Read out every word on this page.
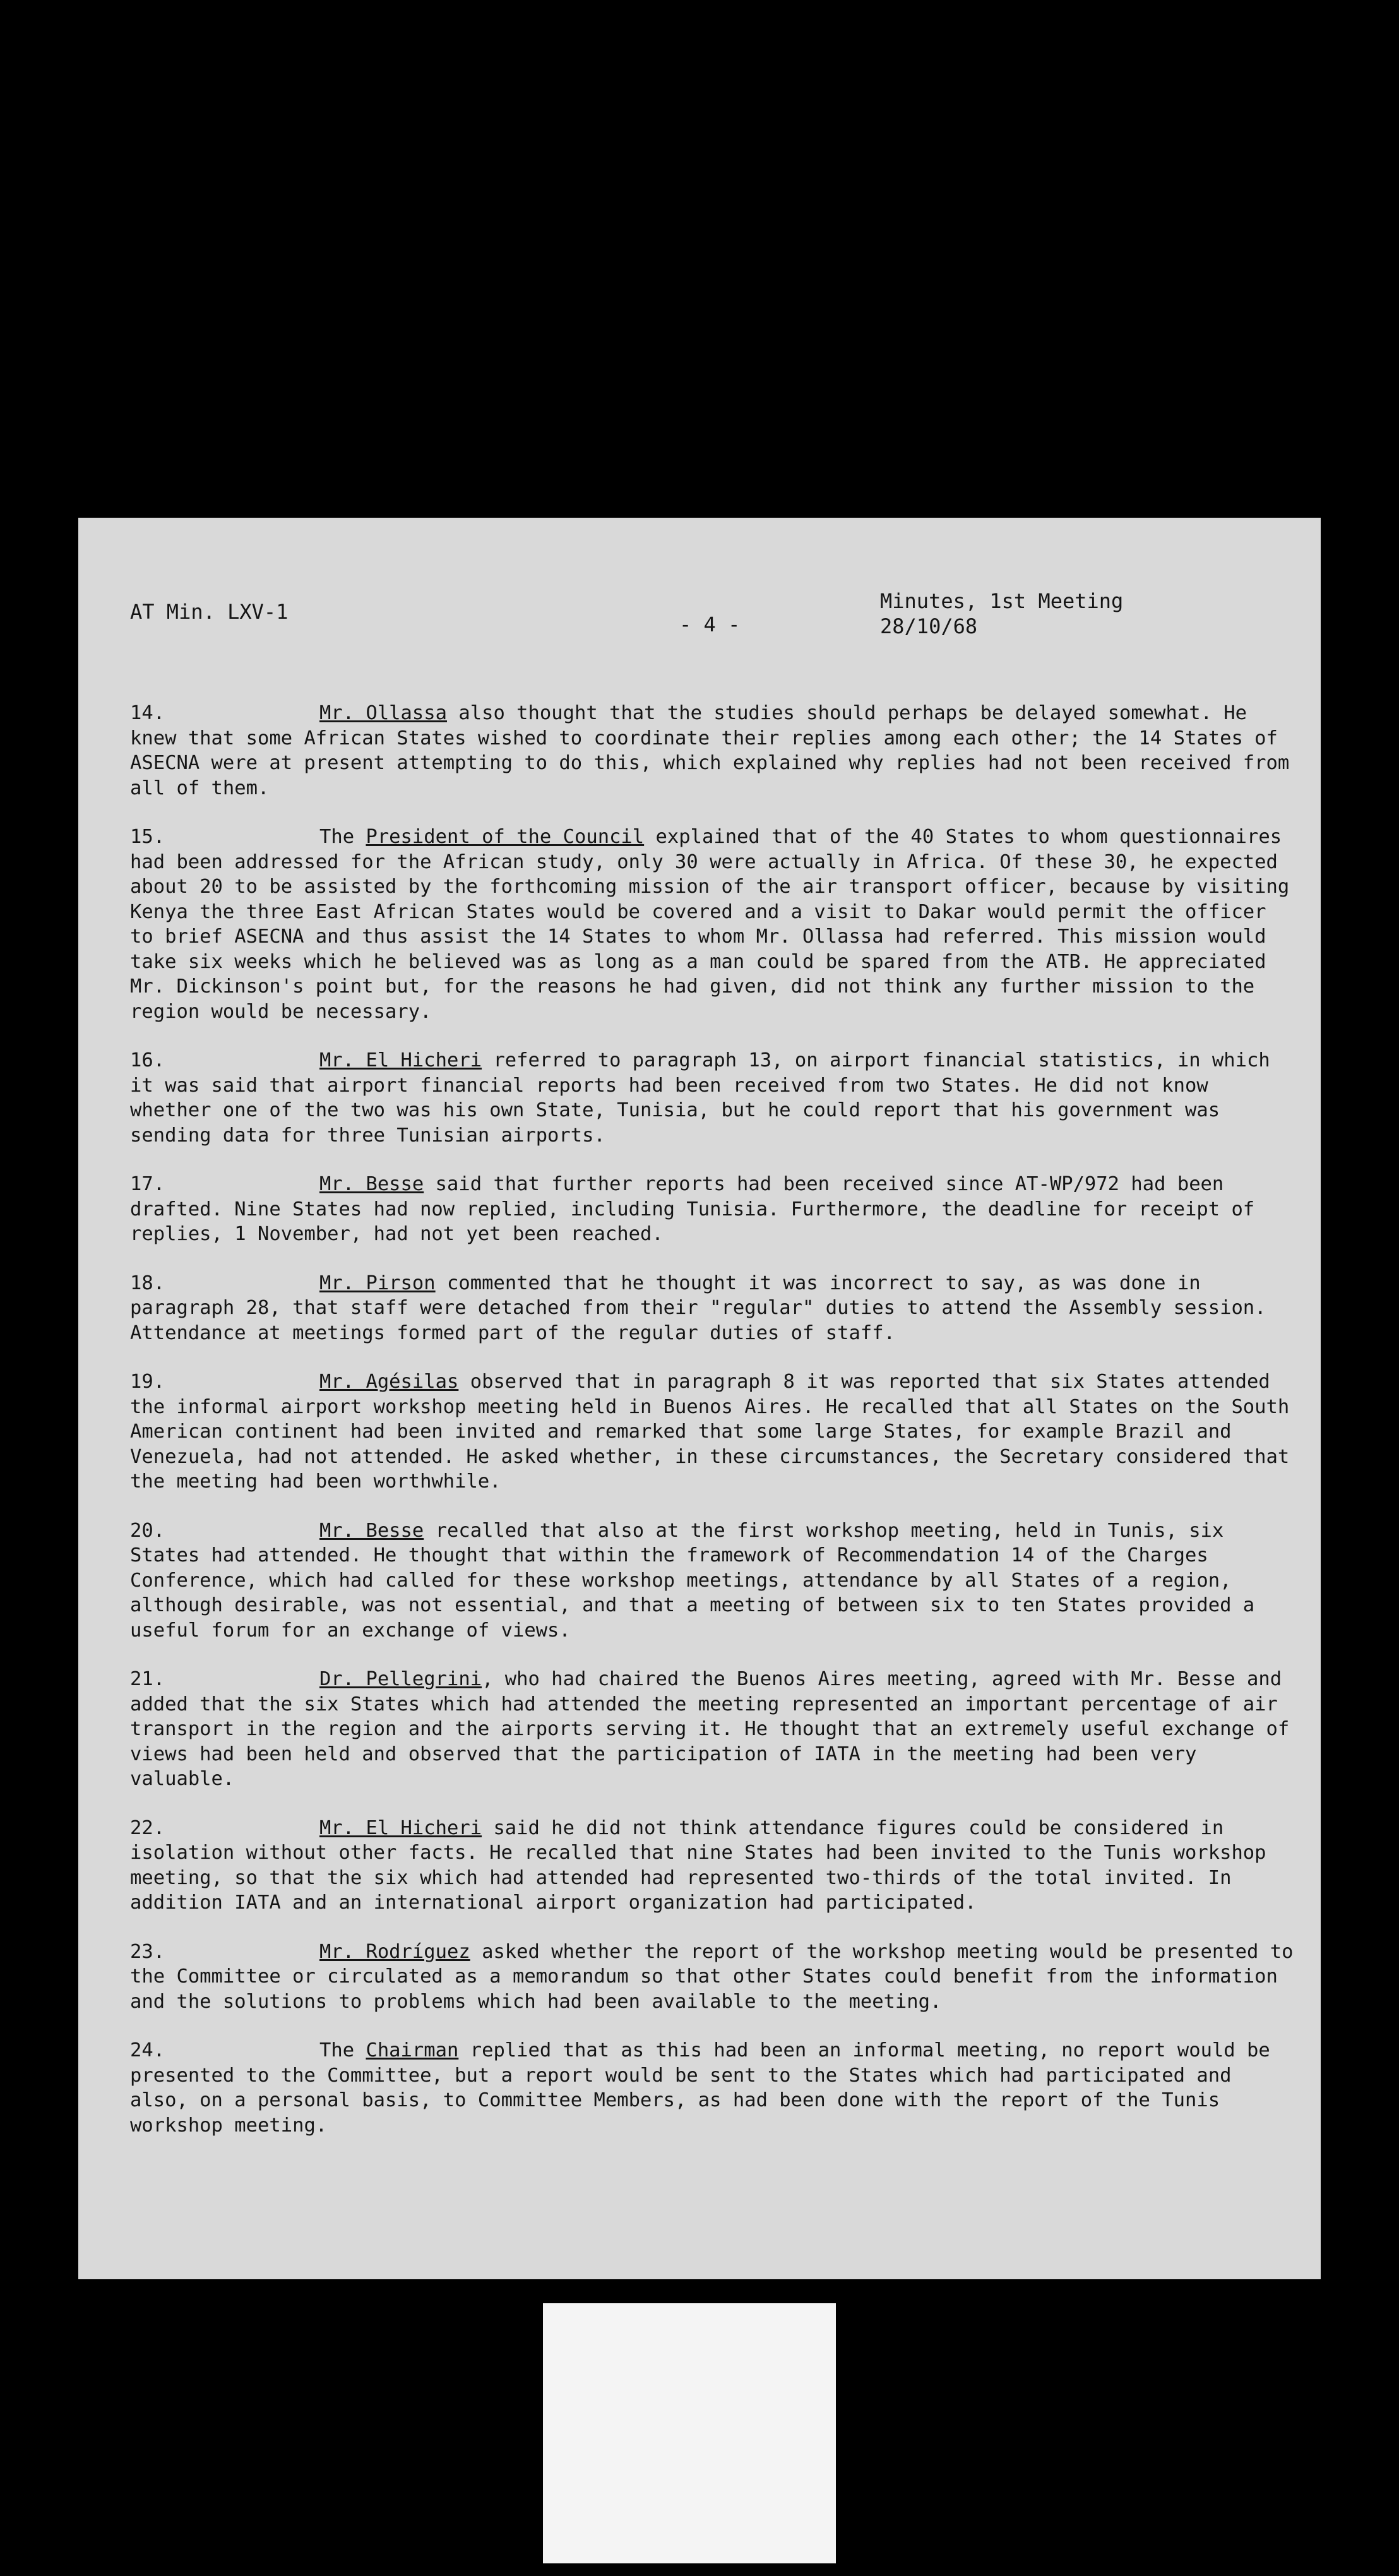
AT Min. LXV-1
- 4 -
Minutes, 1st Meeting
28/10/68

14.	Mr. Ollassa also thought that the studies should perhaps be delayed somewhat. He knew that some African States wished to coordinate their replies among each other; the 14 States of ASECNA were at present attempting to do this, which explained why replies had not been received from all of them.

15.	The President of the Council explained that of the 40 States to whom questionnaires had been addressed for the African study, only 30 were actually in Africa. Of these 30, he expected about 20 to be assisted by the forthcoming mission of the air transport officer, because by visiting Kenya the three East African States would be covered and a visit to Dakar would permit the officer to brief ASECNA and thus assist the 14 States to whom Mr. Ollassa had referred. This mission would take six weeks which he believed was as long as a man could be spared from the ATB. He appreciated Mr. Dickinson's point but, for the reasons he had given, did not think any further mission to the region would be necessary.

16.	Mr. El Hicheri referred to paragraph 13, on airport financial statistics, in which it was said that airport financial reports had been received from two States. He did not know whether one of the two was his own State, Tunisia, but he could report that his government was sending data for three Tunisian airports.

17.	Mr. Besse said that further reports had been received since AT-WP/972 had been drafted. Nine States had now replied, including Tunisia. Furthermore, the deadline for receipt of replies, 1 November, had not yet been reached.

18.	Mr. Pirson commented that he thought it was incorrect to say, as was done in paragraph 28, that staff were detached from their "regular" duties to attend the Assembly session. Attendance at meetings formed part of the regular duties of staff.

19.	Mr. Agésilas observed that in paragraph 8 it was reported that six States attended the informal airport workshop meeting held in Buenos Aires. He recalled that all States on the South American continent had been invited and remarked that some large States, for example Brazil and Venezuela, had not attended. He asked whether, in these circumstances, the Secretary considered that the meeting had been worthwhile.

20.	Mr. Besse recalled that also at the first workshop meeting, held in Tunis, six States had attended. He thought that within the framework of Recommendation 14 of the Charges Conference, which had called for these workshop meetings, attendance by all States of a region, although desirable, was not essential, and that a meeting of between six to ten States provided a useful forum for an exchange of views.

21.	Dr. Pellegrini, who had chaired the Buenos Aires meeting, agreed with Mr. Besse and added that the six States which had attended the meeting represented an important percentage of air transport in the region and the airports serving it. He thought that an extremely useful exchange of views had been held and observed that the participation of IATA in the meeting had been very valuable.

22.	Mr. El Hicheri said he did not think attendance figures could be considered in isolation without other facts. He recalled that nine States had been invited to the Tunis workshop meeting, so that the six which had attended had represented two-thirds of the total invited. In addition IATA and an international airport organization had participated.

23.	Mr. Rodríguez asked whether the report of the workshop meeting would be presented to the Committee or circulated as a memorandum so that other States could benefit from the information and the solutions to problems which had been available to the meeting.

24.	The Chairman replied that as this had been an informal meeting, no report would be presented to the Committee, but a report would be sent to the States which had participated and also, on a personal basis, to Committee Members, as had been done with the report of the Tunis workshop meeting.
